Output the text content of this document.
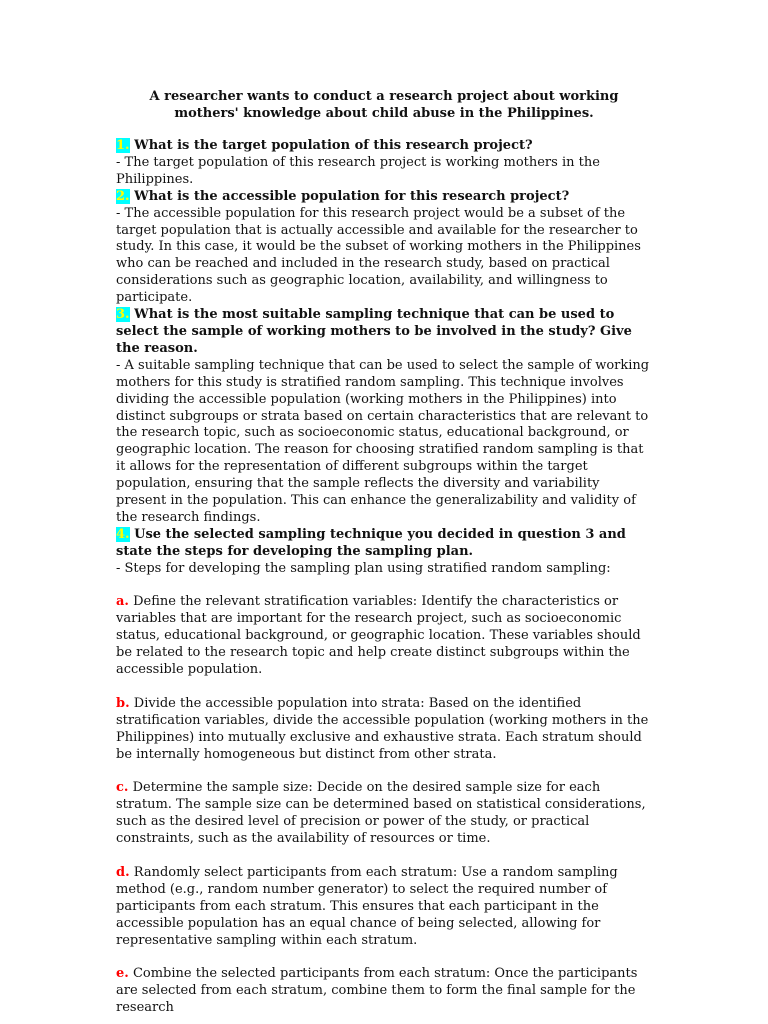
A researcher wants to conduct a research project about working
mothers' knowledge about child abuse in the Philippines.

1. What is the target population of this research project?

- The target population of this research project is working mothers in the Philippines.

2. What is the accessible population for this research project?

- The accessible population for this research project would be a subset of the target population that is actually accessible and available for the researcher to study. In this case, it would be the subset of working mothers in the Philippines who can be reached and included in the research study, based on practical considerations such as geographic location, availability, and willingness to participate.

3. What is the most suitable sampling technique that can be used to select the sample of working mothers to be involved in the study? Give the reason.

- A suitable sampling technique that can be used to select the sample of working mothers for this study is stratified random sampling. This technique involves dividing the accessible population (working mothers in the Philippines) into distinct subgroups or strata based on certain characteristics that are relevant to the research topic, such as socioeconomic status, educational background, or geographic location. The reason for choosing stratified random sampling is that it allows for the representation of different subgroups within the target population, ensuring that the sample reflects the diversity and variability present in the population. This can enhance the generalizability and validity of the research findings.

4. Use the selected sampling technique you decided in question 3 and state the steps for developing the sampling plan.

- Steps for developing the sampling plan using stratified random sampling:

a. Define the relevant stratification variables: Identify the characteristics or variables that are important for the research project, such as socioeconomic status, educational background, or geographic location. These variables should be related to the research topic and help create distinct subgroups within the accessible population.

b. Divide the accessible population into strata: Based on the identified stratification variables, divide the accessible population (working mothers in the Philippines) into mutually exclusive and exhaustive strata. Each stratum should be internally homogeneous but distinct from other strata.

c. Determine the sample size: Decide on the desired sample size for each stratum. The sample size can be determined based on statistical considerations, such as the desired level of precision or power of the study, or practical constraints, such as the availability of resources or time.

d. Randomly select participants from each stratum: Use a random sampling method (e.g., random number generator) to select the required number of participants from each stratum. This ensures that each participant in the accessible population has an equal chance of being selected, allowing for representative sampling within each stratum.

e. Combine the selected participants from each stratum: Once the participants are selected from each stratum, combine them to form the final sample for the research
